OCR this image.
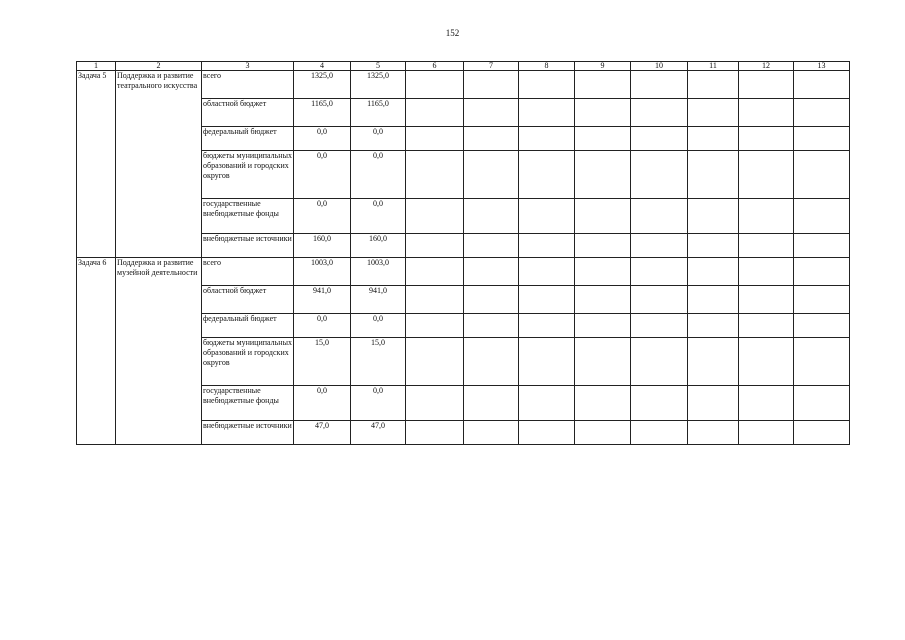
152
1	2	3	4	5	6	7	8	9	10	11	12	13
Задача 5	Поддержка и развитие театрального искусства	всего	1325,0	1325,0								
		областной бюджет	1165,0	1165,0								
		федеральный бюджет	0,0	0,0								
		бюджеты муниципальных образований и городских округов	0,0	0,0								
		государственные внебюджетные фонды	0,0	0,0								
		внебюджетные источники	160,0	160,0								
Задача 6	Поддержка и развитие музейной деятельности	всего	1003,0	1003,0								
		областной бюджет	941,0	941,0								
		федеральный бюджет	0,0	0,0								
		бюджеты муниципальных образований и городских округов	15,0	15,0								
		государственные внебюджетные фонды	0,0	0,0								
		внебюджетные источники	47,0	47,0								
